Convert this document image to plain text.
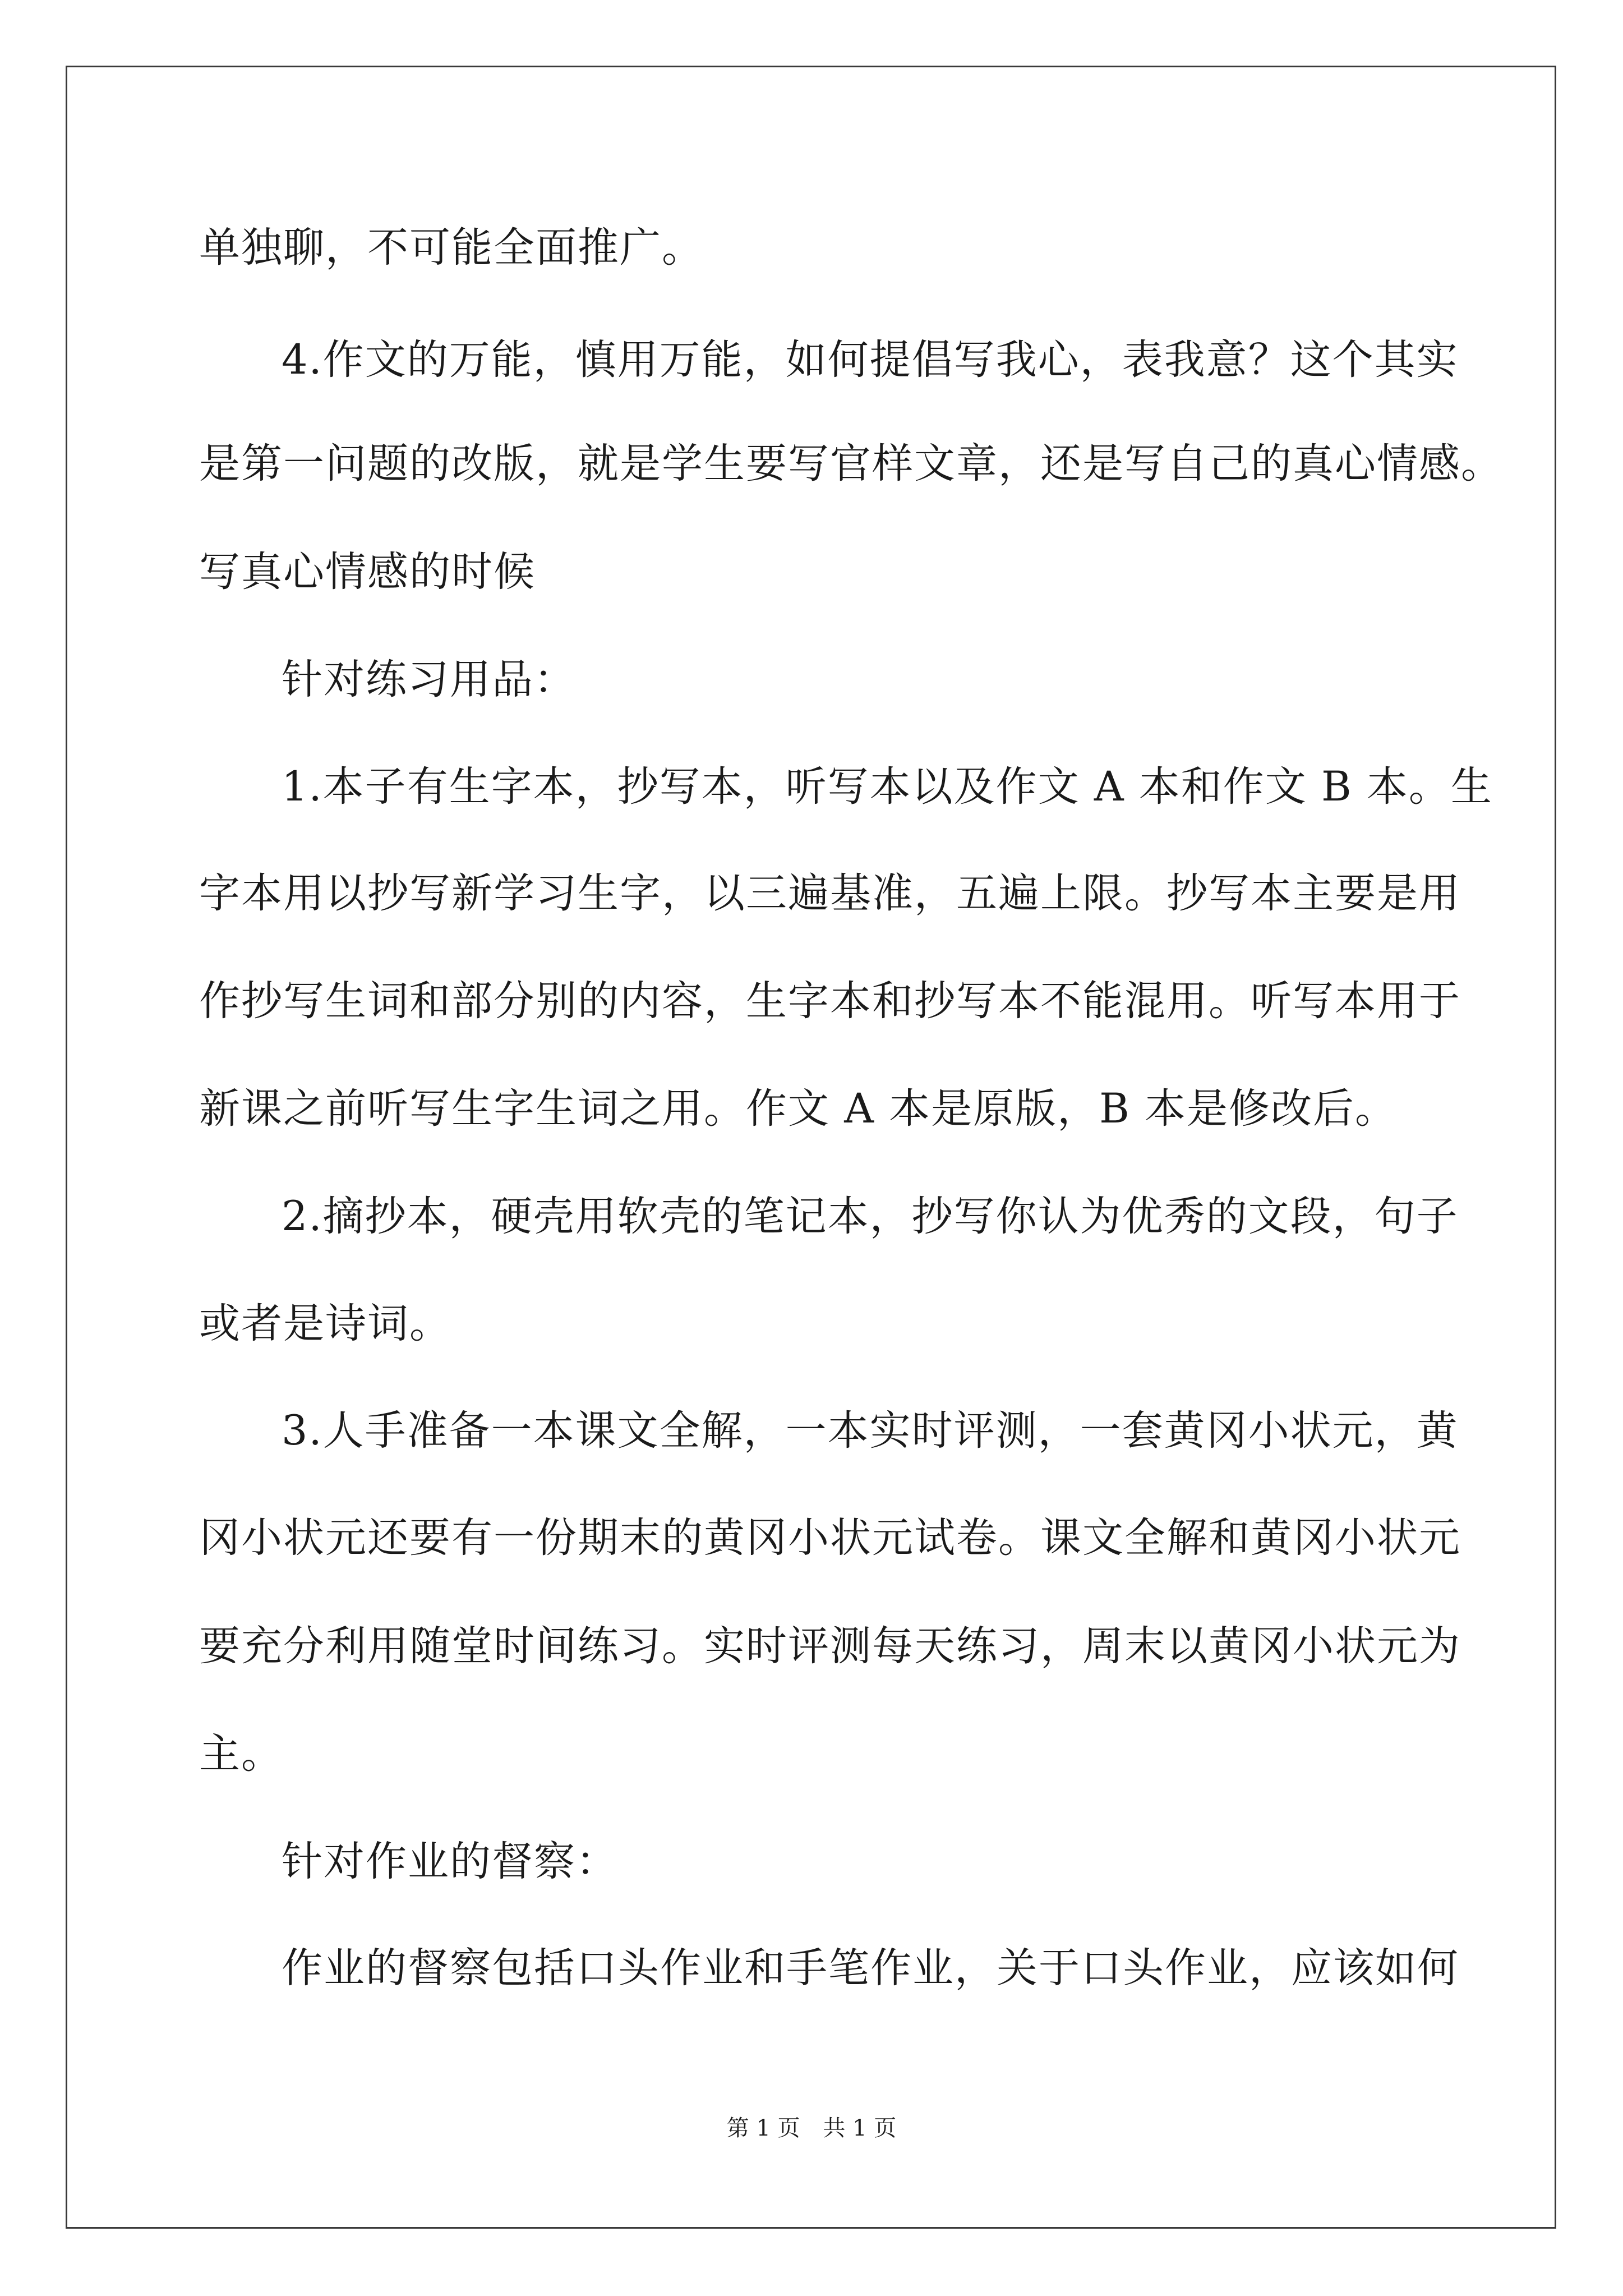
单独聊，不可能全面推广。
4.作文的万能，慎用万能，如何提倡写我心，表我意？这个其实
是第一问题的改版，就是学生要写官样文章，还是写自己的真心情感。
写真心情感的时候
针对练习用品：
1.本子有生字本，抄写本，听写本以及作文 A 本和作文 B 本。生
字本用以抄写新学习生字，以三遍基准，五遍上限。抄写本主要是用
作抄写生词和部分别的内容，生字本和抄写本不能混用。听写本用于
新课之前听写生字生词之用。作文 A 本是原版，B 本是修改后。
2.摘抄本，硬壳用软壳的笔记本，抄写你认为优秀的文段，句子
或者是诗词。
3.人手准备一本课文全解，一本实时评测，一套黄冈小状元，黄
冈小状元还要有一份期末的黄冈小状元试卷。课文全解和黄冈小状元
要充分利用随堂时间练习。实时评测每天练习，周末以黄冈小状元为
主。
针对作业的督察：
作业的督察包括口头作业和手笔作业，关于口头作业，应该如何
第 1 页 共 1 页
